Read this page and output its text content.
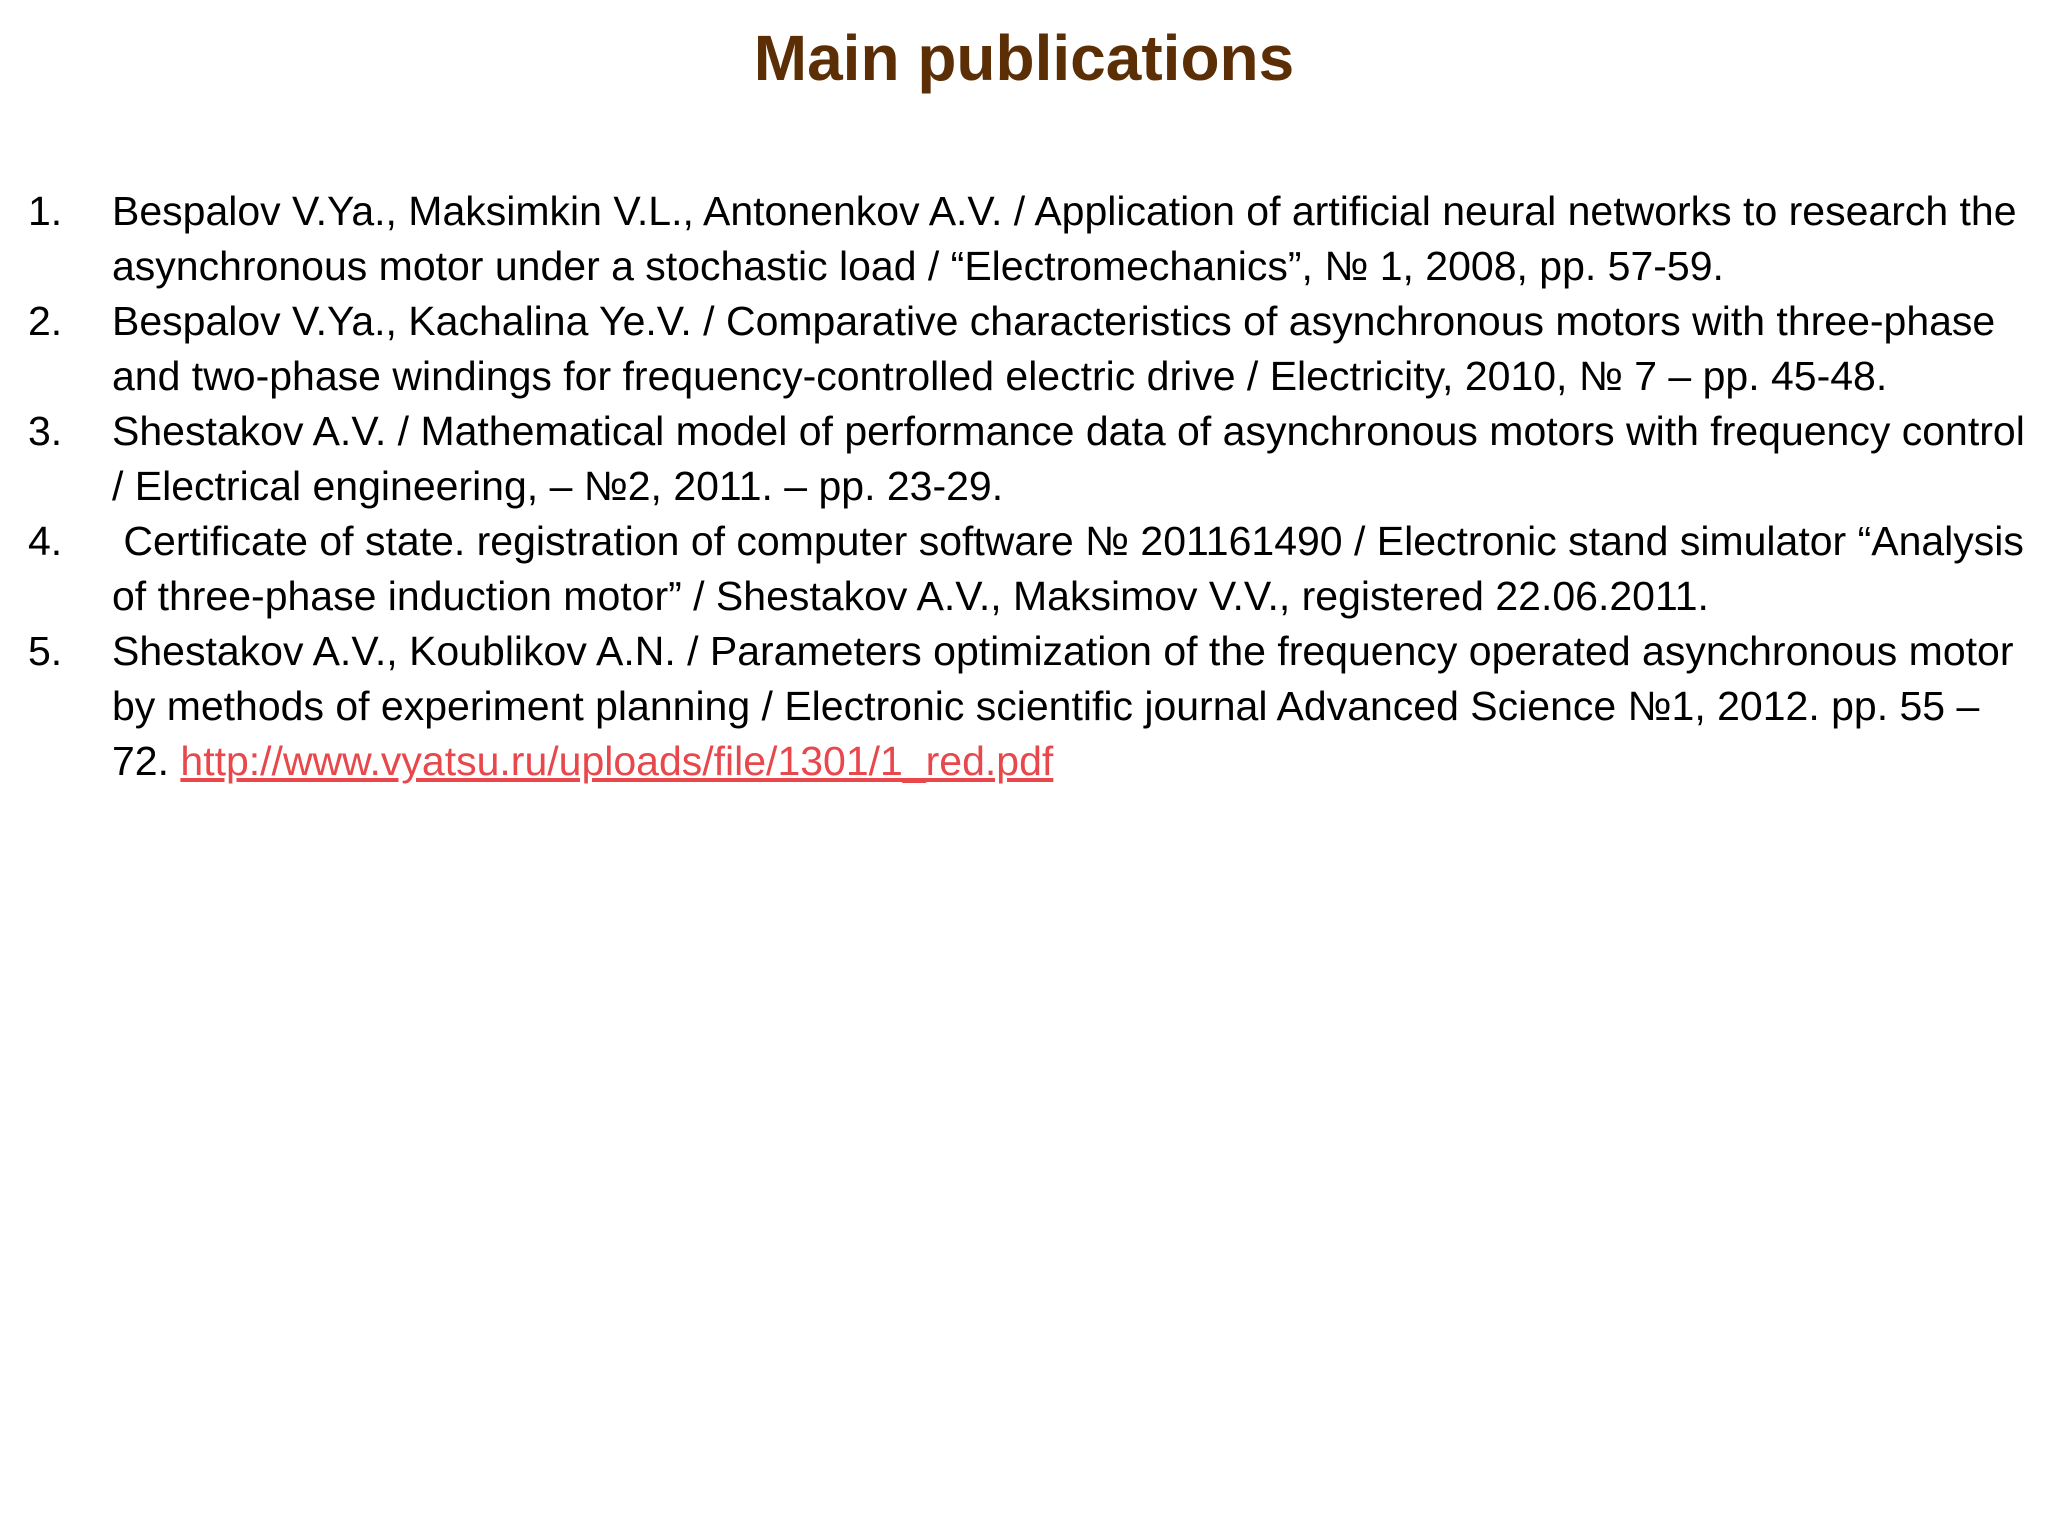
Main publications
1.	Bespalov V.Ya., Maksimkin V.L., Antonenkov A.V. / Application of artificial neural networks to research the asynchronous motor under a stochastic load / “Electromechanics”, № 1, 2008, pp. 57-59.
2.	Bespalov V.Ya., Kachalina Ye.V. / Comparative characteristics of asynchronous motors with three-phase and two-phase windings for frequency-controlled electric drive / Electricity, 2010, № 7 – pp. 45-48.
3.	Shestakov A.V. / Mathematical model of performance data of asynchronous motors with frequency control / Electrical engineering, – №2, 2011. – pp. 23-29.
4.	Certificate of state. registration of computer software № 201161490 / Electronic stand simulator “Analysis of three-phase induction motor” / Shestakov A.V., Maksimov V.V., registered 22.06.2011.
5.	Shestakov A.V., Koublikov A.N. / Parameters optimization of the frequency operated asynchronous motor by methods of experiment planning / Electronic scientific journal Advanced Science №1, 2012. pp. 55 – 72. http://www.vyatsu.ru/uploads/file/1301/1_red.pdf
